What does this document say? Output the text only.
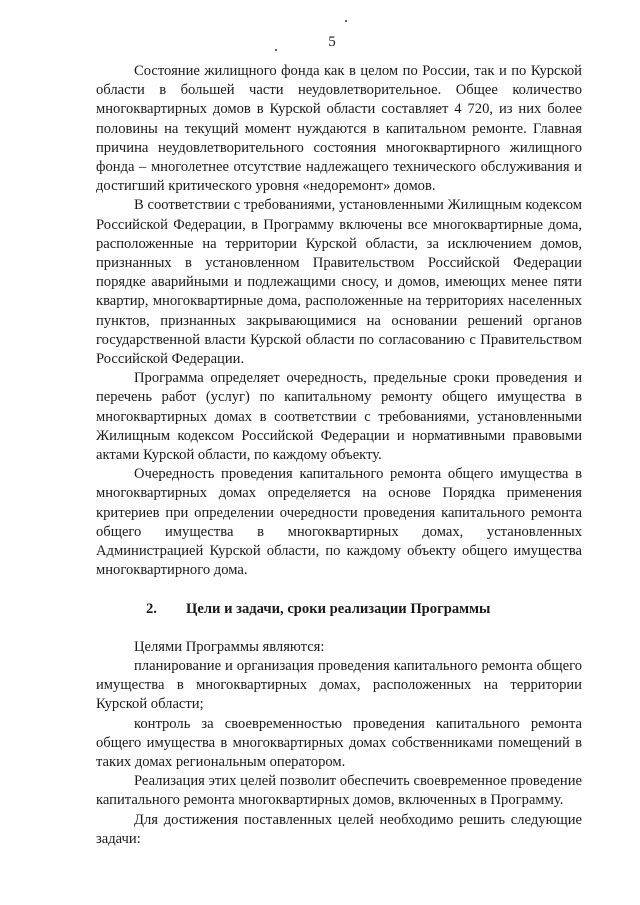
5

Состояние жилищного фонда как в целом по России, так и по Курской области в большей части неудовлетворительное. Общее количество многоквартирных домов в Курской области составляет 4 720, из них более половины на текущий момент нуждаются в капитальном ремонте. Главная причина неудовлетворительного состояния многоквартирного жилищного фонда – многолетнее отсутствие надлежащего технического обслуживания и достигший критического уровня «недоремонт» домов.

В соответствии с требованиями, установленными Жилищным кодексом Российской Федерации, в Программу включены все многоквартирные дома, расположенные на территории Курской области, за исключением домов, признанных в установленном Правительством Российской Федерации порядке аварийными и подлежащими сносу, и домов, имеющих менее пяти квартир, многоквартирные дома, расположенные на территориях населенных пунктов, признанных закрывающимися на основании решений органов государственной власти Курской области по согласованию с Правительством Российской Федерации.

Программа определяет очередность, предельные сроки проведения и перечень работ (услуг) по капитальному ремонту общего имущества в многоквартирных домах в соответствии с требованиями, установленными Жилищным кодексом Российской Федерации и нормативными правовыми актами Курской области, по каждому объекту.

Очередность проведения капитального ремонта общего имущества в многоквартирных домах определяется на основе Порядка применения критериев при определении очередности проведения капитального ремонта общего имущества в многоквартирных домах, установленных Администрацией Курской области, по каждому объекту общего имущества многоквартирного дома.

2. Цели и задачи, сроки реализации Программы

Целями Программы являются:

планирование и организация проведения капитального ремонта общего имущества в многоквартирных домах, расположенных на территории Курской области;

контроль за своевременностью проведения капитального ремонта общего имущества в многоквартирных домах собственниками помещений в таких домах региональным оператором.

Реализация этих целей позволит обеспечить своевременное проведение капитального ремонта многоквартирных домов, включенных в Программу.

Для достижения поставленных целей необходимо решить следующие задачи:
